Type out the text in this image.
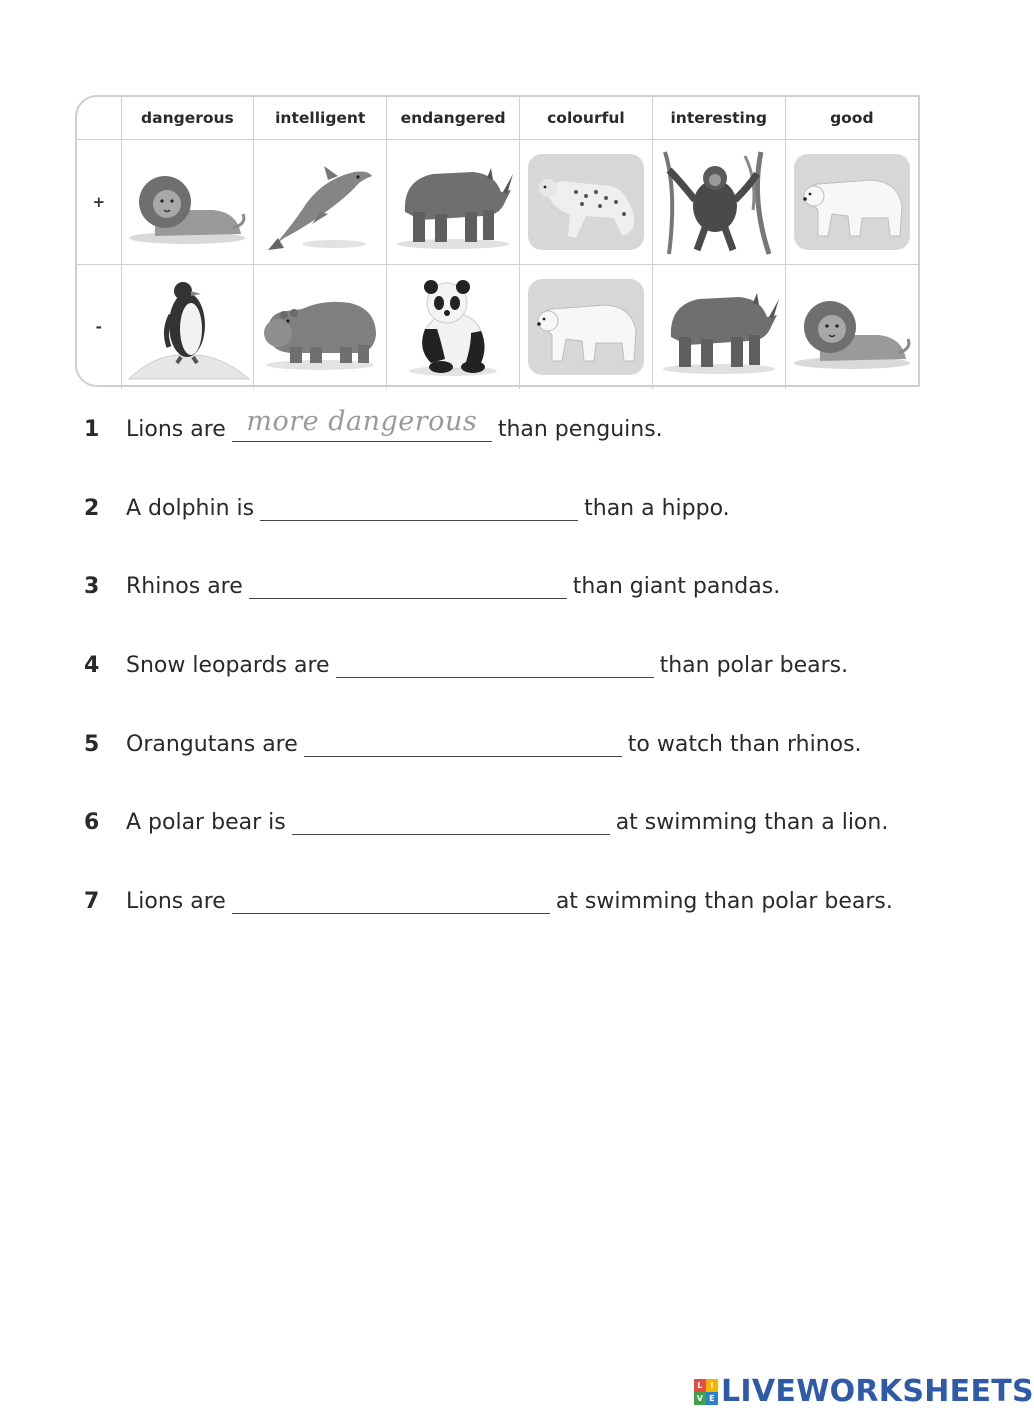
	dangerous	intelligent	endangered	colourful	interesting	good
+	

-	

1	Lions are more dangerous than penguins.
2	A dolphin is	than a hippo.
3	Rhinos are	than giant pandas.
4	Snow leopards are	than polar bears.
5	Orangutans are	to watch than rhinos.
6	A polar bear is	at swimming than a lion.
7	Lions are	at swimming than polar bears.
L I
V E LIVEWORKSHEETS
